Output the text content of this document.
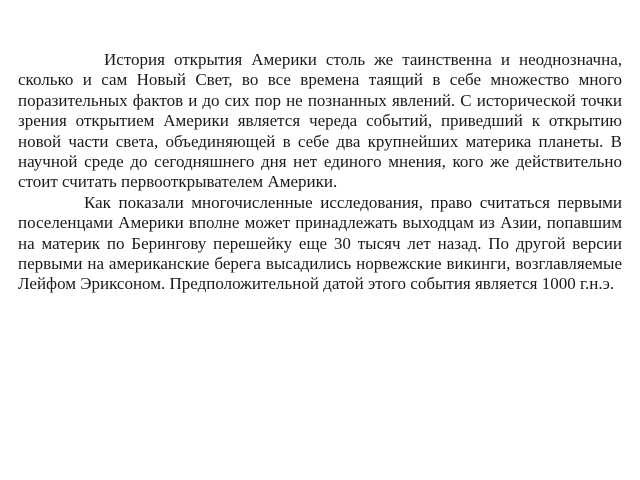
История открытия Америки столь же таинственна и неоднозначна, сколько и сам Новый Свет, во все времена таящий в себе множество много поразительных фактов и до сих пор не познанных явлений. С исторической точки зрения открытием Америки является череда событий, приведший к открытию новой части света, объединяющей в себе два крупнейших материка планеты. В научной среде до сегодняшнего дня нет единого мнения, кого же действительно стоит считать первооткрывателем Америки.

Как показали многочисленные исследования, право считаться первыми поселенцами Америки вполне может принадлежать выходцам из Азии, попавшим на материк по Берингову перешейку еще 30 тысяч лет назад. По другой версии первыми на американские берега высадились норвежские викинги, возглавляемые Лейфом Эриксоном. Предположительной датой этого события является 1000 г.н.э.
